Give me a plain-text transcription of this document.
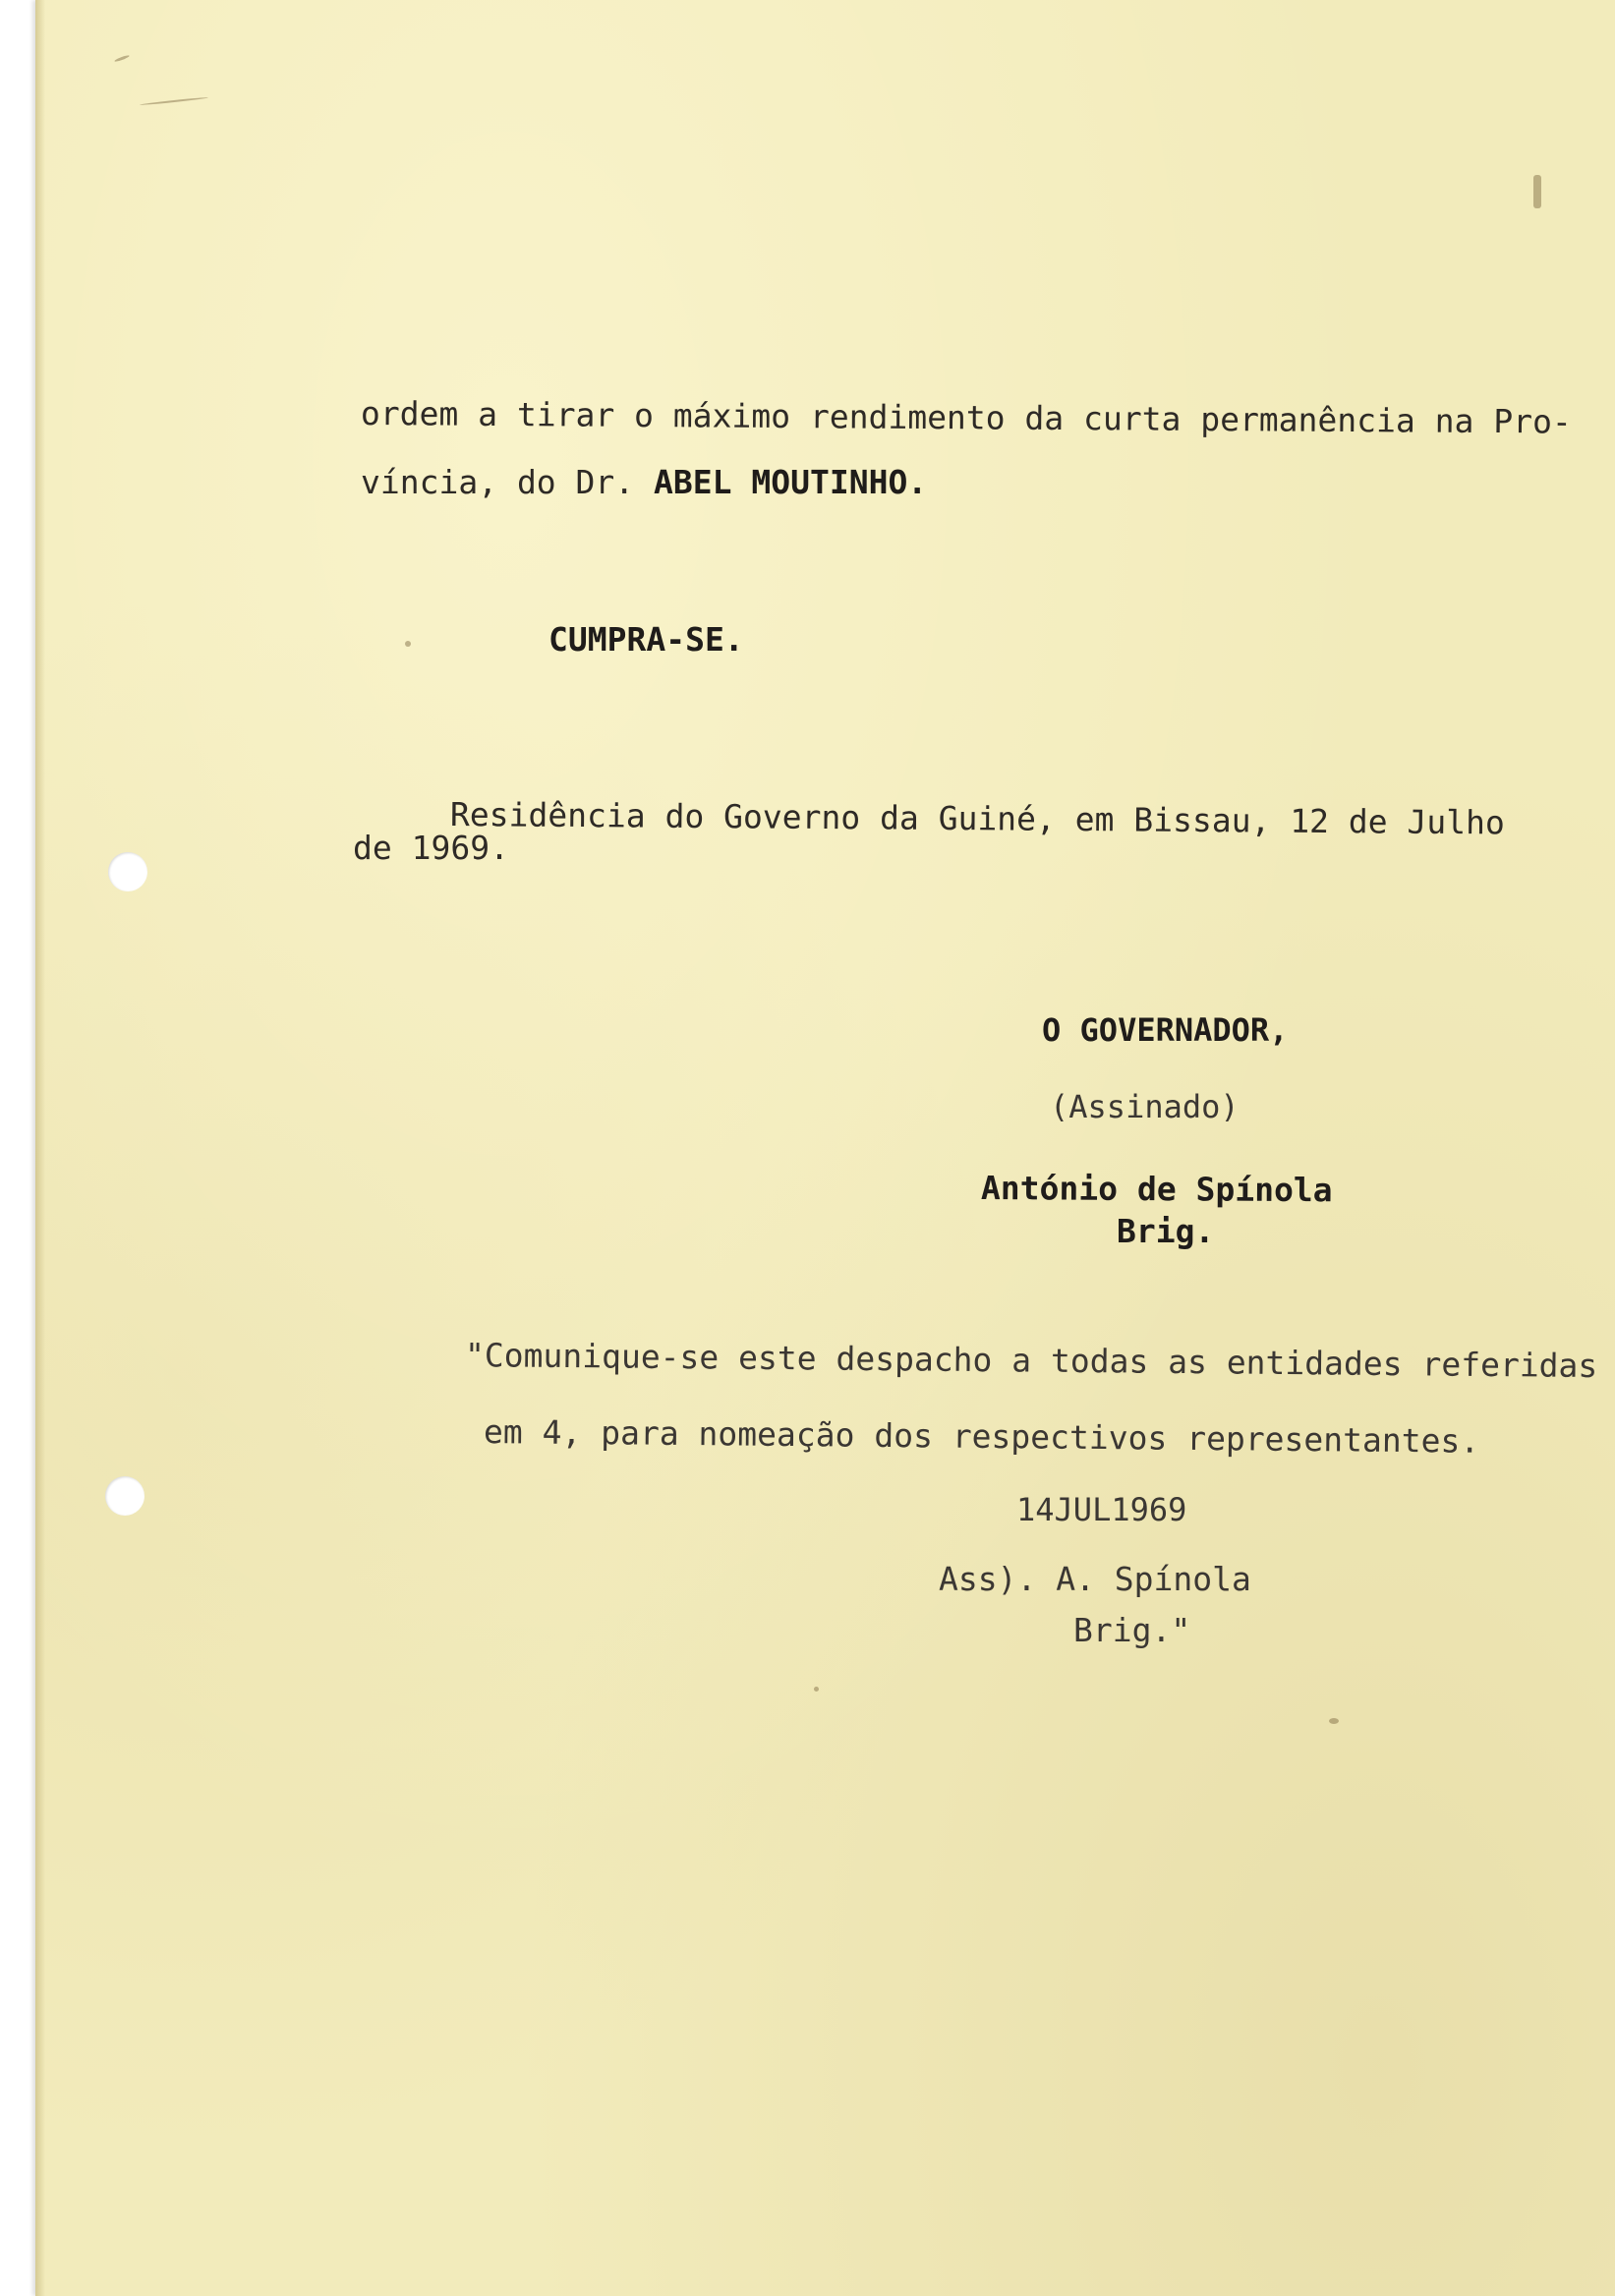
ordem a tirar o máximo rendimento da curta permanência na Pro-
víncia, do Dr. ABEL MOUTINHO.
CUMPRA-SE.
Residência do Governo da Guiné, em Bissau, 12 de Julho
de 1969.
O GOVERNADOR,
(Assinado)
António de Spínola
Brig.
"Comunique-se este despacho a todas as entidades referidas
em 4, para nomeação dos respectivos representantes.
14JUL1969
Ass). A. Spínola
Brig."
